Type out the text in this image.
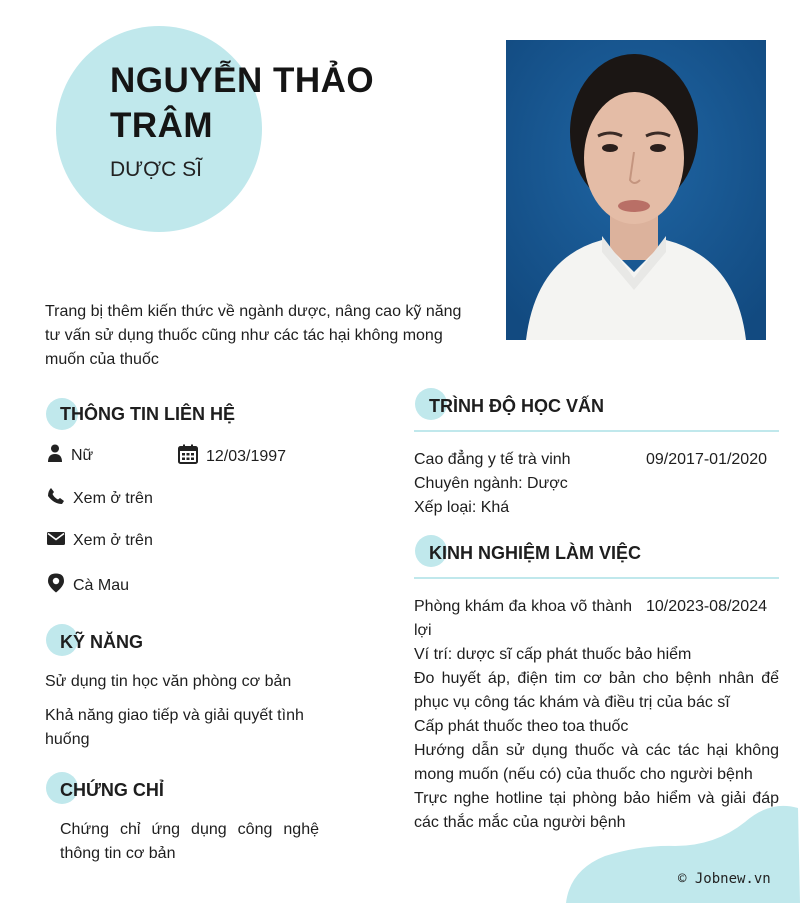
NGUYỄN THẢO TRÂM
DƯỢC SĨ
Trang bị thêm kiến thức về ngành dược, nâng cao kỹ năng tư vấn sử dụng thuốc cũng như các tác hại không mong muốn của thuốc
THÔNG TIN LIÊN HỆ
Nữ	12/03/1997
Xem ở trên
Xem ở trên
Cà Mau
KỸ NĂNG
Sử dụng tin học văn phòng cơ bản
Khả năng giao tiếp và giải quyết tình huống
CHỨNG CHỈ
Chứng chỉ ứng dụng công nghệ thông tin cơ bản
TRÌNH ĐỘ HỌC VẤN
Cao đẳng y tế trà vinh	09/2017-01/2020
Chuyên ngành: Dược
Xếp loại: Khá
KINH NGHIỆM LÀM VIỆC
Phòng khám đa khoa võ thành lợi
10/2023-08/2024
Ví trí: dược sĩ cấp phát thuốc bảo hiểm
Đo huyết áp, điện tim cơ bản cho bệnh nhân để phục vụ công tác khám và điều trị của bác sĩ
Cấp phát thuốc theo toa thuốc
Hướng dẫn sử dụng thuốc và các tác hại không mong muốn (nếu có) của thuốc cho người bệnh
Trực nghe hotline tại phòng bảo hiểm và giải đáp các thắc mắc của người bệnh
© Jobnew.vn
